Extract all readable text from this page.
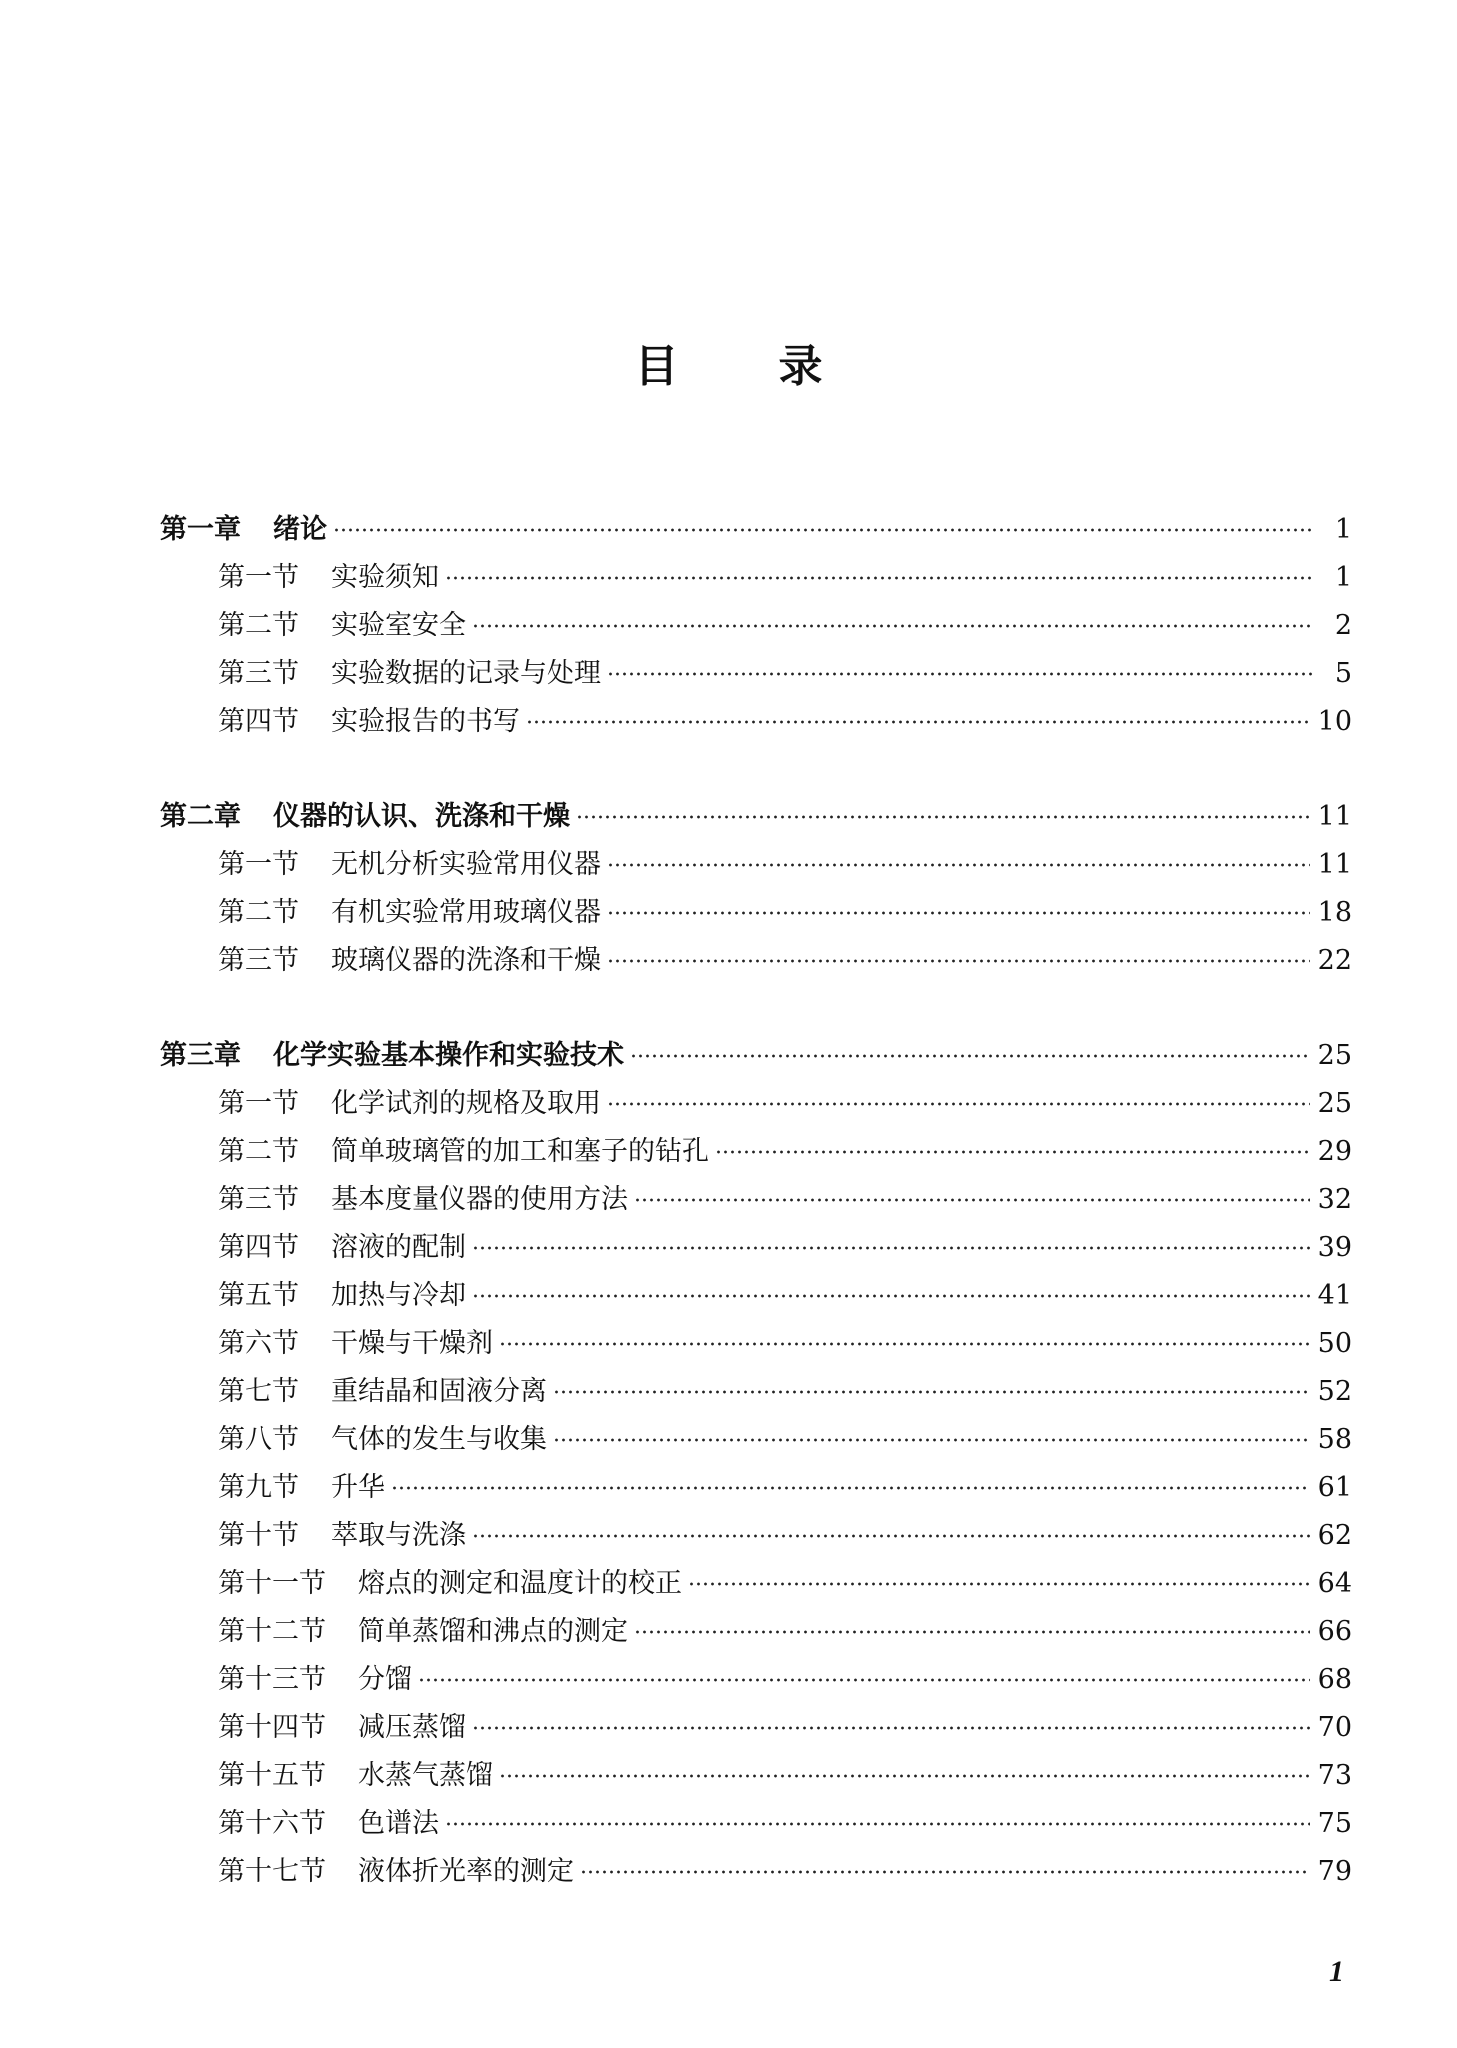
目录
第一章 绪论	1
第一节 实验须知	1
第二节 实验室安全	2
第三节 实验数据的记录与处理	5
第四节 实验报告的书写	10
第二章 仪器的认识、洗涤和干燥	11
第一节 无机分析实验常用仪器	11
第二节 有机实验常用玻璃仪器	18
第三节 玻璃仪器的洗涤和干燥	22
第三章 化学实验基本操作和实验技术	25
第一节 化学试剂的规格及取用	25
第二节 简单玻璃管的加工和塞子的钻孔	29
第三节 基本度量仪器的使用方法	32
第四节 溶液的配制	39
第五节 加热与冷却	41
第六节 干燥与干燥剂	50
第七节 重结晶和固液分离	52
第八节 气体的发生与收集	58
第九节 升华	61
第十节 萃取与洗涤	62
第十一节 熔点的测定和温度计的校正	64
第十二节 简单蒸馏和沸点的测定	66
第十三节 分馏	68
第十四节 减压蒸馏	70
第十五节 水蒸气蒸馏	73
第十六节 色谱法	75
第十七节 液体折光率的测定	79
1
